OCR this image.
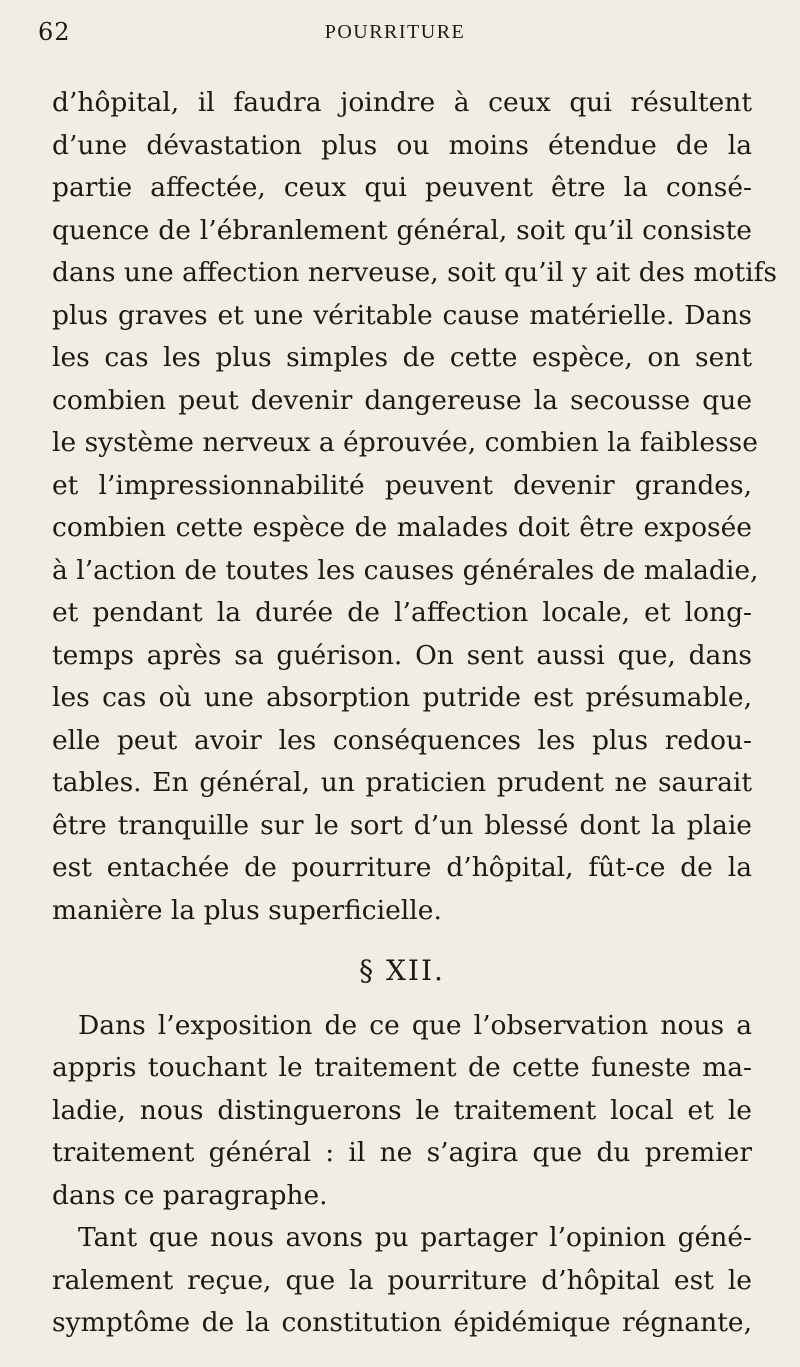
62	POURRITURE
d’hôpital, il faudra joindre à ceux qui résultent
d’une dévastation plus ou moins étendue de la
partie affectée, ceux qui peuvent être la consé-
quence de l’ébranlement général, soit qu’il consiste
dans une affection nerveuse, soit qu’il y ait des motifs
plus graves et une véritable cause matérielle. Dans
les cas les plus simples de cette espèce, on sent
combien peut devenir dangereuse la secousse que
le système nerveux a éprouvée, combien la faiblesse
et l’impressionnabilité peuvent devenir grandes,
combien cette espèce de malades doit être exposée
à l’action de toutes les causes générales de maladie,
et pendant la durée de l’affection locale, et long-
temps après sa guérison. On sent aussi que, dans
les cas où une absorption putride est présumable,
elle peut avoir les conséquences les plus redou-
tables. En général, un praticien prudent ne saurait
être tranquille sur le sort d’un blessé dont la plaie
est entachée de pourriture d’hôpital, fût-ce de la
manière la plus superficielle.
§ XII.
Dans l’exposition de ce que l’observation nous a
appris touchant le traitement de cette funeste ma-
ladie, nous distinguerons le traitement local et le
traitement général : il ne s’agira que du premier
dans ce paragraphe.
Tant que nous avons pu partager l’opinion géné-
ralement reçue, que la pourriture d’hôpital est le
symptôme de la constitution épidémique régnante,
